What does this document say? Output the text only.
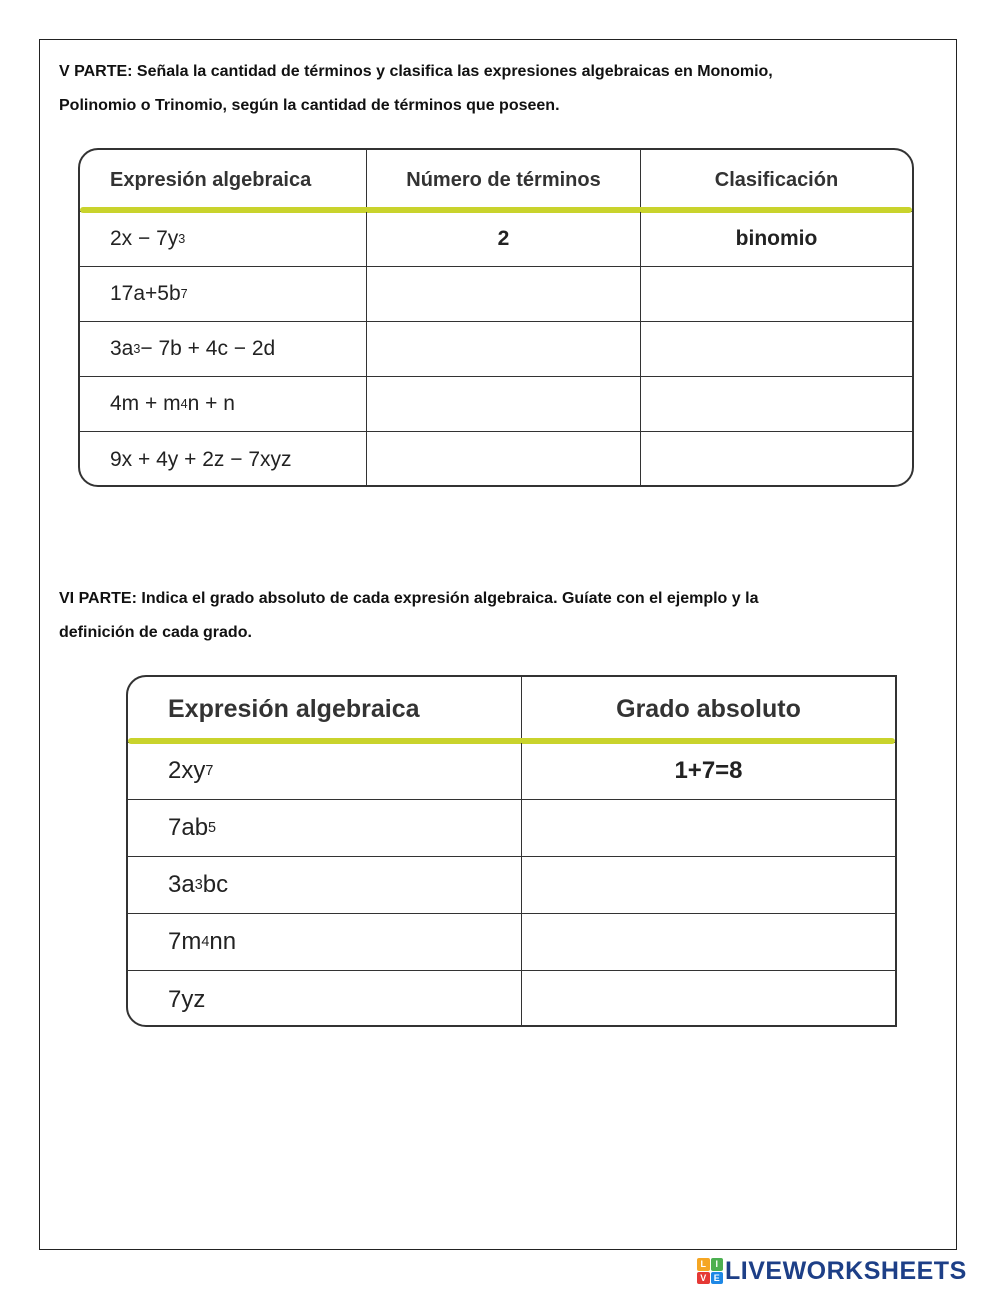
V PARTE: Señala la cantidad de términos y clasifica las expresiones algebraicas en Monomio,
Polinomio o Trinomio, según la cantidad de términos que poseen.
Expresión algebraica	Número de términos	Clasificación
2x − 7y 3	2	binomio
17a+5b 7
3a 3 − 7b + 4c − 2d
4m + m 4 n + n
9x + 4y + 2z − 7xyz
VI PARTE: Indica el grado absoluto de cada expresión algebraica. Guíate con el ejemplo y la
definición de cada grado.
Expresión algebraica	Grado absoluto
2xy 7	1+7=8
7ab 5
3a 3 bc
7m 4 nn
7yz
L	I
V E LIVEWORKSHEETS
